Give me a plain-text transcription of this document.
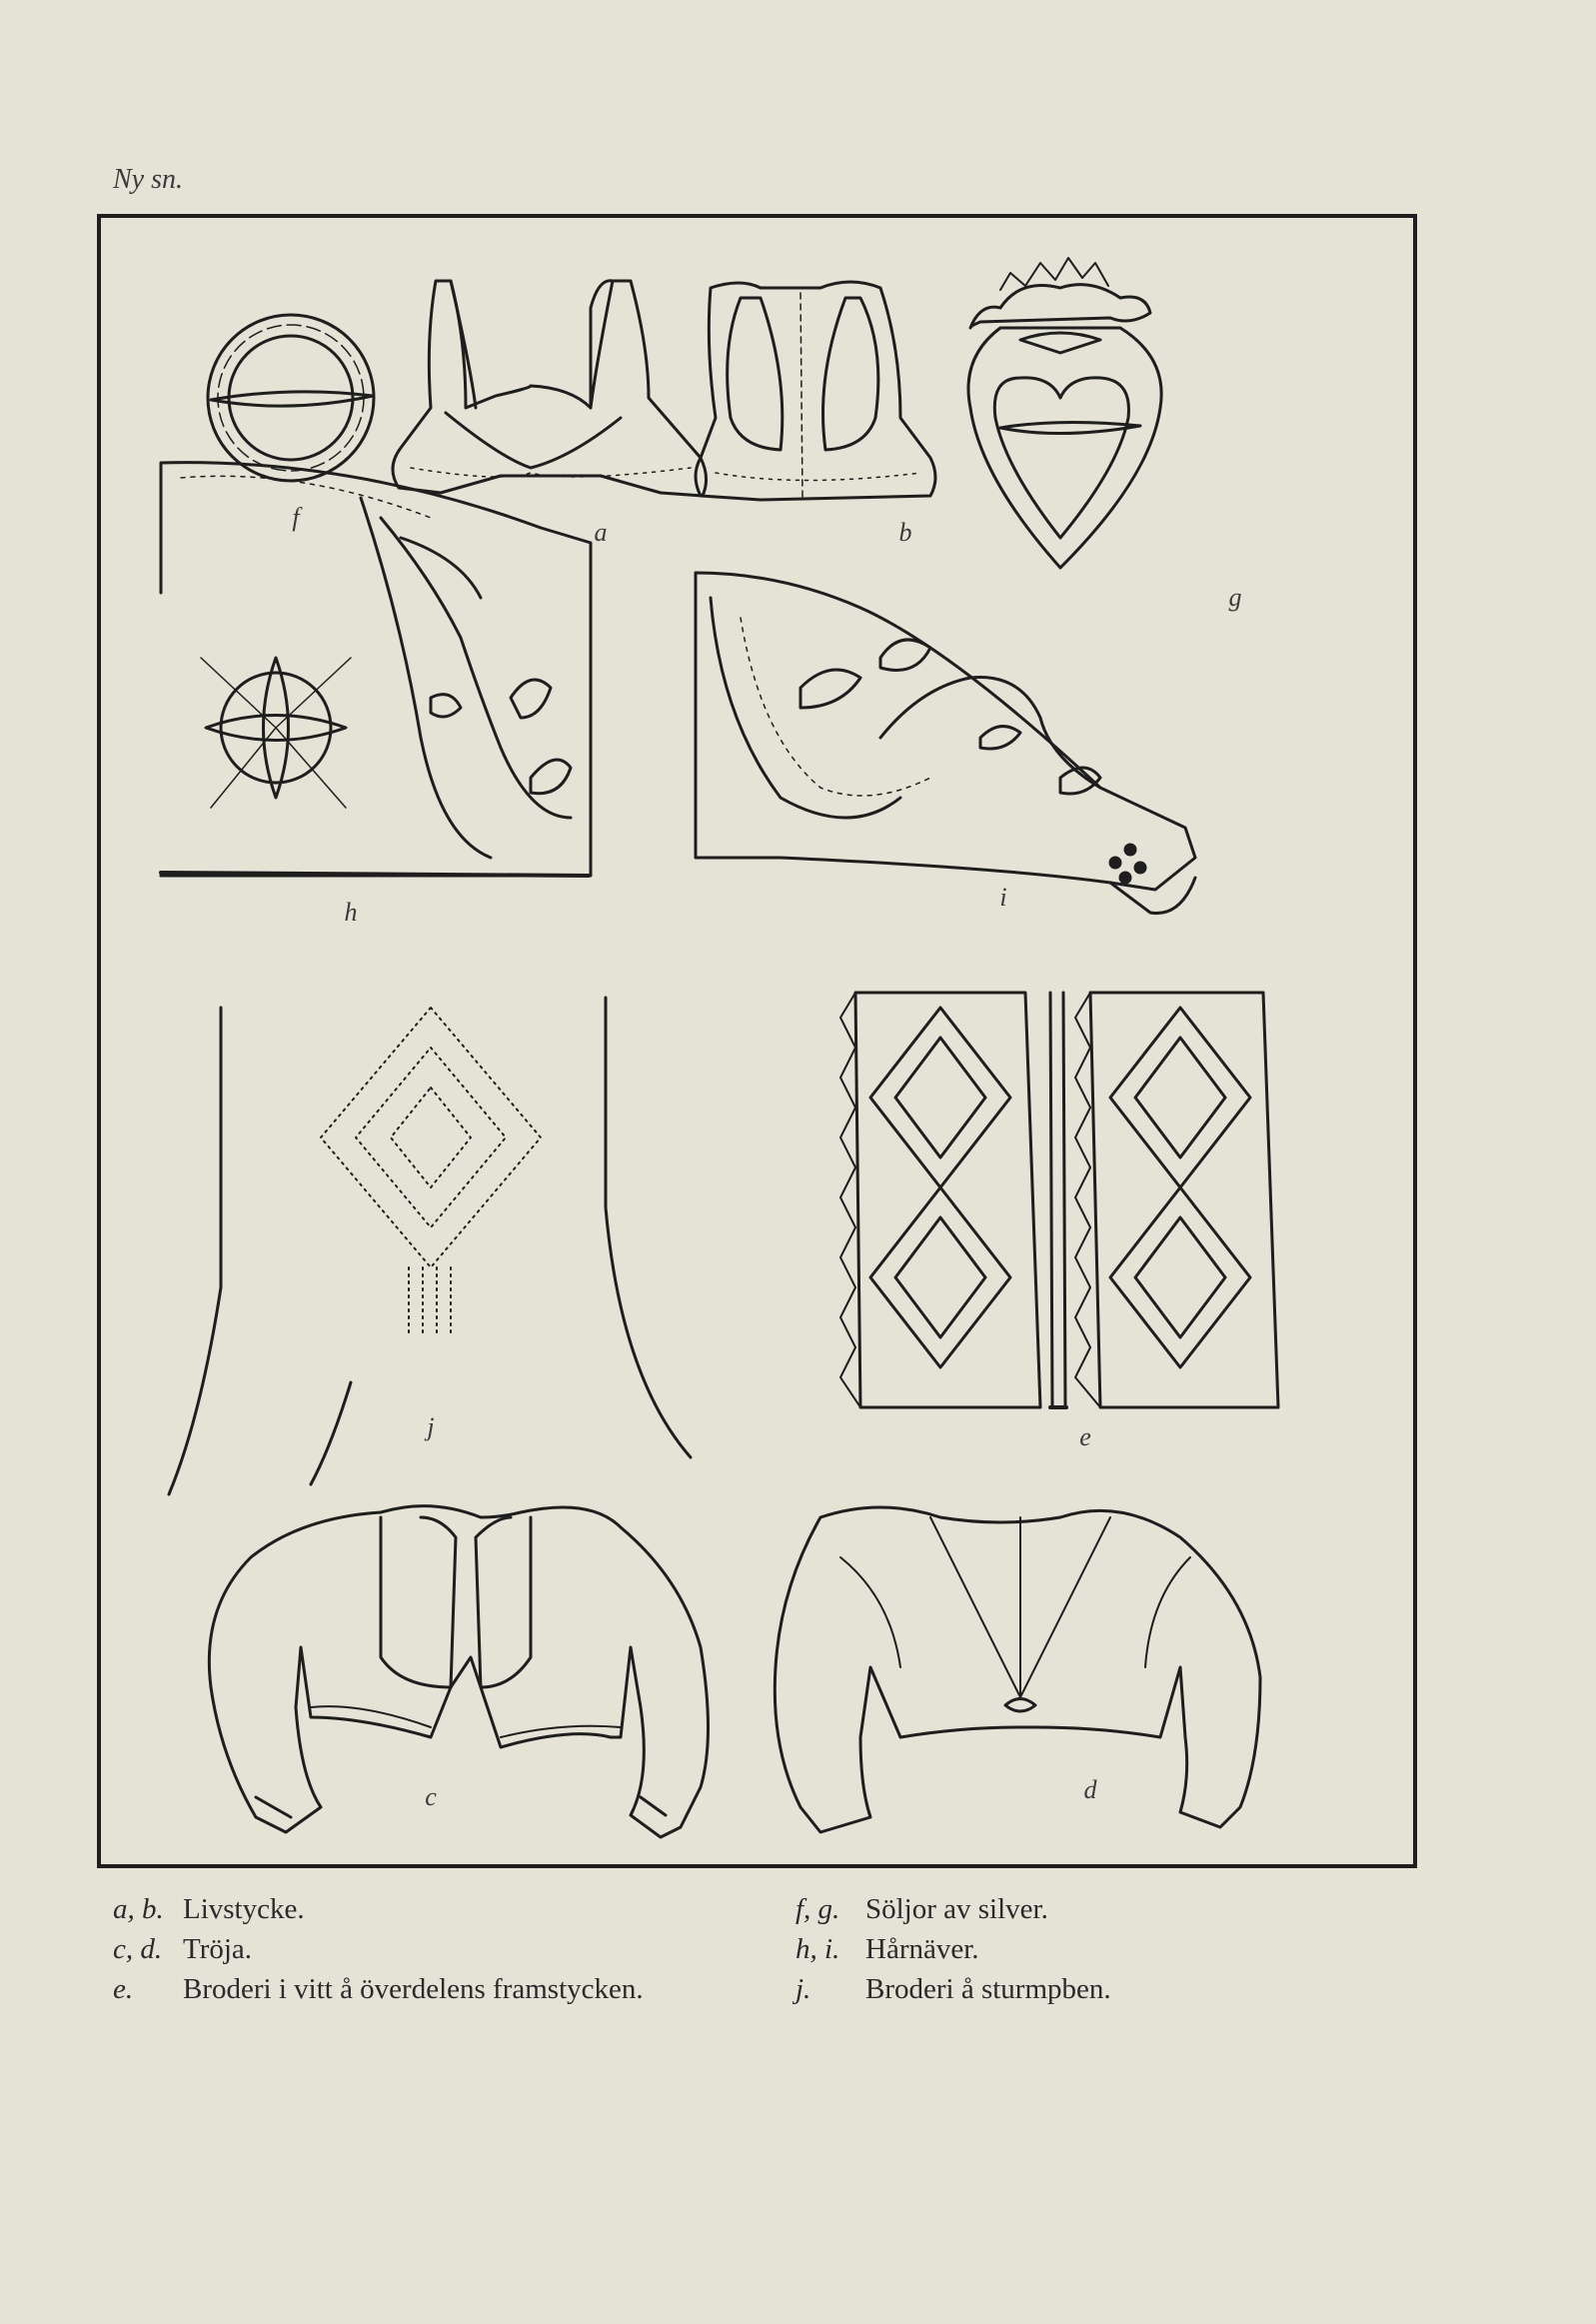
Ny sn.
f
a	b
g
h
i
j	e
c	d
a, b. Livstycke.
c, d. Tröja.
e. Broderi i vitt å överdelens framstycken.
f, g. Söljor av silver.
h, i. Hårnäver.
j. Broderi å sturmpben.
